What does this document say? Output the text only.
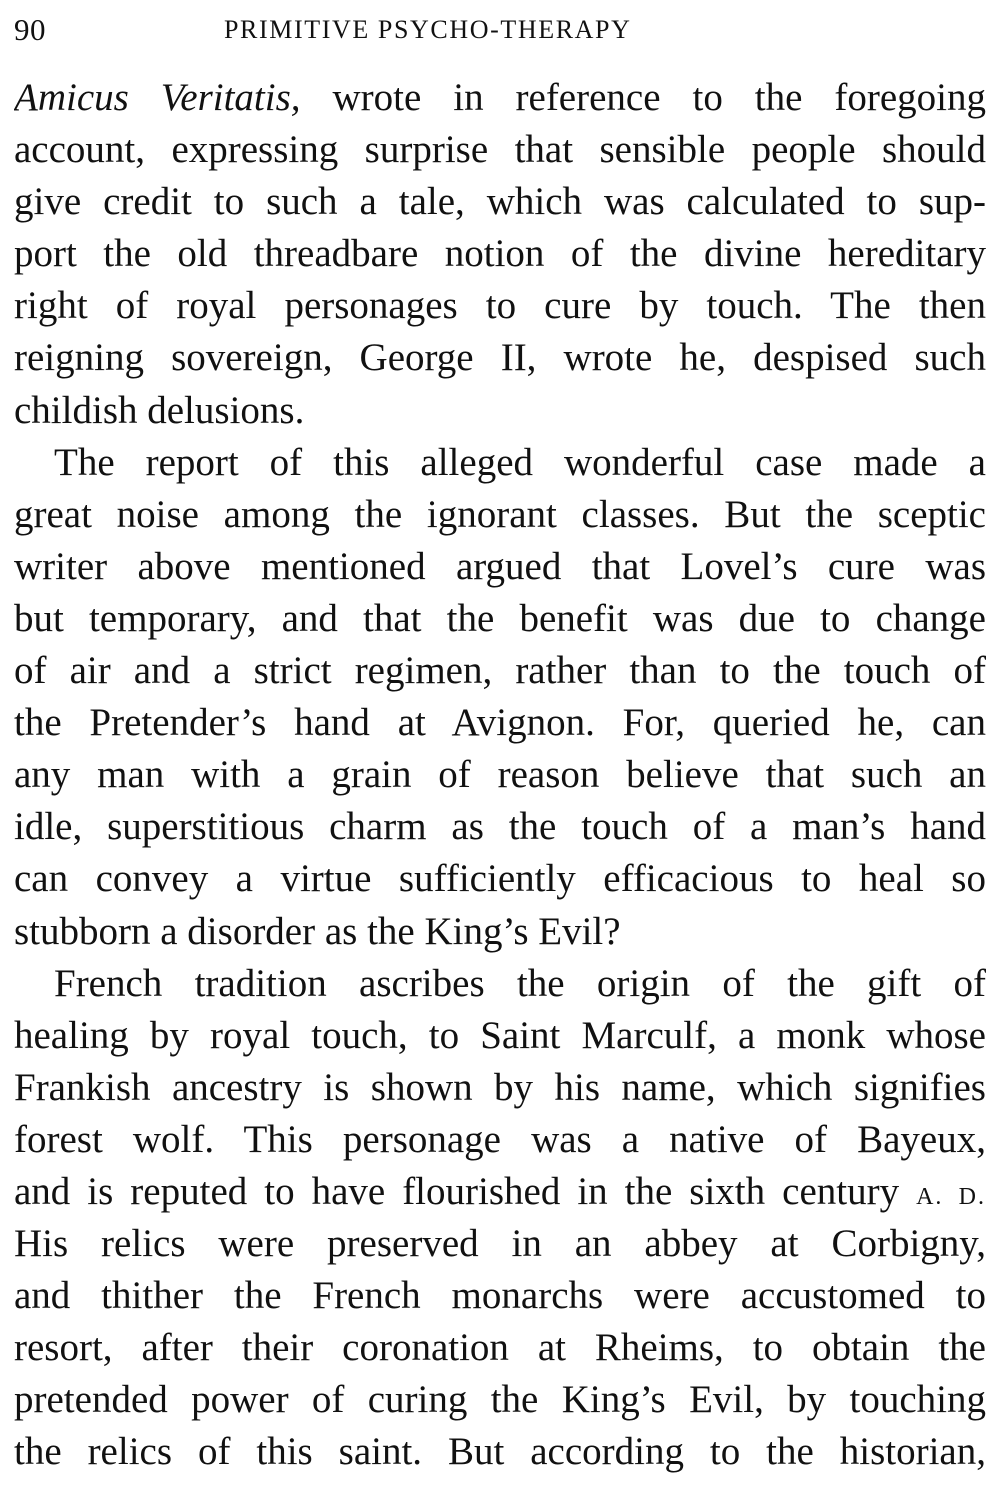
90	PRIMITIVE PSYCHO-THERAPY
Amicus Veritatis, wrote in reference to the foregoing
account, expressing surprise that sensible people should
give credit to such a tale, which was calculated to sup-
port the old threadbare notion of the divine hereditary
right of royal personages to cure by touch. The then
reigning sovereign, George II, wrote he, despised such
childish delusions.
The report of this alleged wonderful case made a
great noise among the ignorant classes. But the sceptic
writer above mentioned argued that Lovel’s cure was
but temporary, and that the benefit was due to change
of air and a strict regimen, rather than to the touch of
the Pretender’s hand at Avignon. For, queried he, can
any man with a grain of reason believe that such an
idle, superstitious charm as the touch of a man’s hand
can convey a virtue sufficiently efficacious to heal so
stubborn a disorder as the King’s Evil?
French tradition ascribes the origin of the gift of
healing by royal touch, to Saint Marculf, a monk whose
Frankish ancestry is shown by his name, which signifies
forest wolf. This personage was a native of Bayeux,
and is reputed to have flourished in the sixth century A. D.
His relics were preserved in an abbey at Corbigny,
and thither the French monarchs were accustomed to
resort, after their coronation at Rheims, to obtain the
pretended power of curing the King’s Evil, by touching
the relics of this saint. But according to the historian,
